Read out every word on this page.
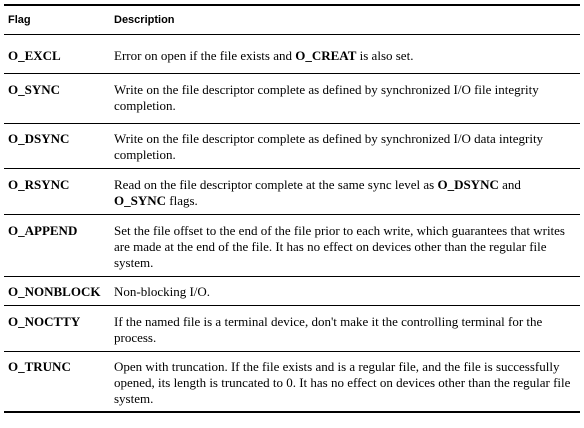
Flag	Description
O_EXCL	Error on open if the file exists and O_CREAT is also set.
O_SYNC	Write on the file descriptor complete as defined by synchronized I/O file integrity completion.
O_DSYNC	Write on the file descriptor complete as defined by synchronized I/O data integrity completion.
O_RSYNC	Read on the file descriptor complete at the same sync level as O_DSYNC and O_SYNC flags.
O_APPEND	Set the file offset to the end of the file prior to each write, which guarantees that writes are made at the end of the file. It has no effect on devices other than the regular file system.
O_NONBLOCK	Non-blocking I/O.
O_NOCTTY	If the named file is a terminal device, don't make it the controlling terminal for the process.
O_TRUNC	Open with truncation. If the file exists and is a regular file, and the file is successfully opened, its length is truncated to 0. It has no effect on devices other than the regular file system.
